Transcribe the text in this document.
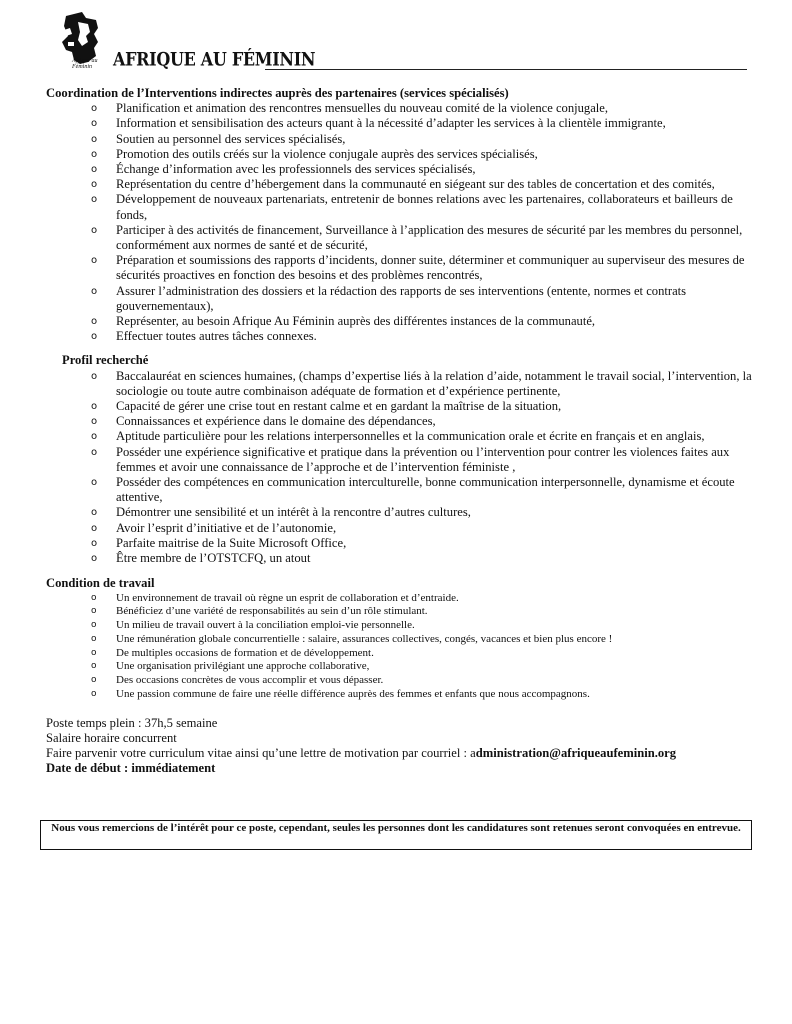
Afrique au Féminin	AFRIQUE AU FÉMININ

Coordination de l’Interventions indirectes auprès des partenaires (services spécialisés)

o Planification et animation des rencontres mensuelles du nouveau comité de la violence conjugale,
o Information et sensibilisation des acteurs quant à la nécessité d’adapter les services à la clientèle immigrante,
o Soutien au personnel des services spécialisés,
o Promotion des outils créés sur la violence conjugale auprès des services spécialisés,
o Échange d’information avec les professionnels des services spécialisés,
o Représentation du centre d’hébergement dans la communauté en siégeant sur des tables de concertation et des comités,
o Développement de nouveaux partenariats, entretenir de bonnes relations avec les partenaires, collaborateurs et bailleurs de fonds,
o Participer à des activités de financement, Surveillance à l’application des mesures de sécurité par les membres du personnel, conformément aux normes de santé et de sécurité,
o Préparation et soumissions des rapports d’incidents, donner suite, déterminer et communiquer au superviseur des mesures de sécurités proactives en fonction des besoins et des problèmes rencontrés,
o Assurer l’administration des dossiers et la rédaction des rapports de ses interventions (entente, normes et contrats gouvernementaux),
o Représenter, au besoin Afrique Au Féminin auprès des différentes instances de la communauté,
o Effectuer toutes autres tâches connexes.

Profil recherché

o Baccalauréat en sciences humaines, (champs d’expertise liés à la relation d’aide, notamment le travail social, l’intervention, la sociologie ou toute autre combinaison adéquate de formation et d’expérience pertinente,
o Capacité de gérer une crise tout en restant calme et en gardant la maîtrise de la situation,
o Connaissances et expérience dans le domaine des dépendances,
o Aptitude particulière pour les relations interpersonnelles et la communication orale et écrite en français et en anglais,
o Posséder une expérience significative et pratique dans la prévention ou l’intervention pour contrer les violences faites aux femmes et avoir une connaissance de l’approche et de l’intervention féministe ,
o Posséder des compétences en communication interculturelle, bonne communication interpersonnelle, dynamisme et écoute attentive,
o Démontrer une sensibilité et un intérêt à la rencontre d’autres cultures,
o Avoir l’esprit d’initiative et de l’autonomie,
o Parfaite maitrise de la Suite Microsoft Office,
o Être membre de l’OTSTCFQ, un atout

Condition de travail

o Un environnement de travail où règne un esprit de collaboration et d’entraide.
o Bénéficiez d’une variété de responsabilités au sein d’un rôle stimulant.
o Un milieu de travail ouvert à la conciliation emploi-vie personnelle.
o Une rémunération globale concurrentielle : salaire, assurances collectives, congés, vacances et bien plus encore !
o De multiples occasions de formation et de développement.
o Une organisation privilégiant une approche collaborative,
o Des occasions concrètes de vous accomplir et vous dépasser.
o Une passion commune de faire une réelle différence auprès des femmes et enfants que nous accompagnons.

Poste temps plein : 37h,5 semaine

Salaire horaire concurrent

Faire parvenir votre curriculum vitae ainsi qu’une lettre de motivation par courriel : administration@afriqueaufeminin.org

Date de début : immédiatement

Nous vous remercions de l’intérêt pour ce poste, cependant, seules les personnes dont les candidatures sont retenues seront convoquées en entrevue.
